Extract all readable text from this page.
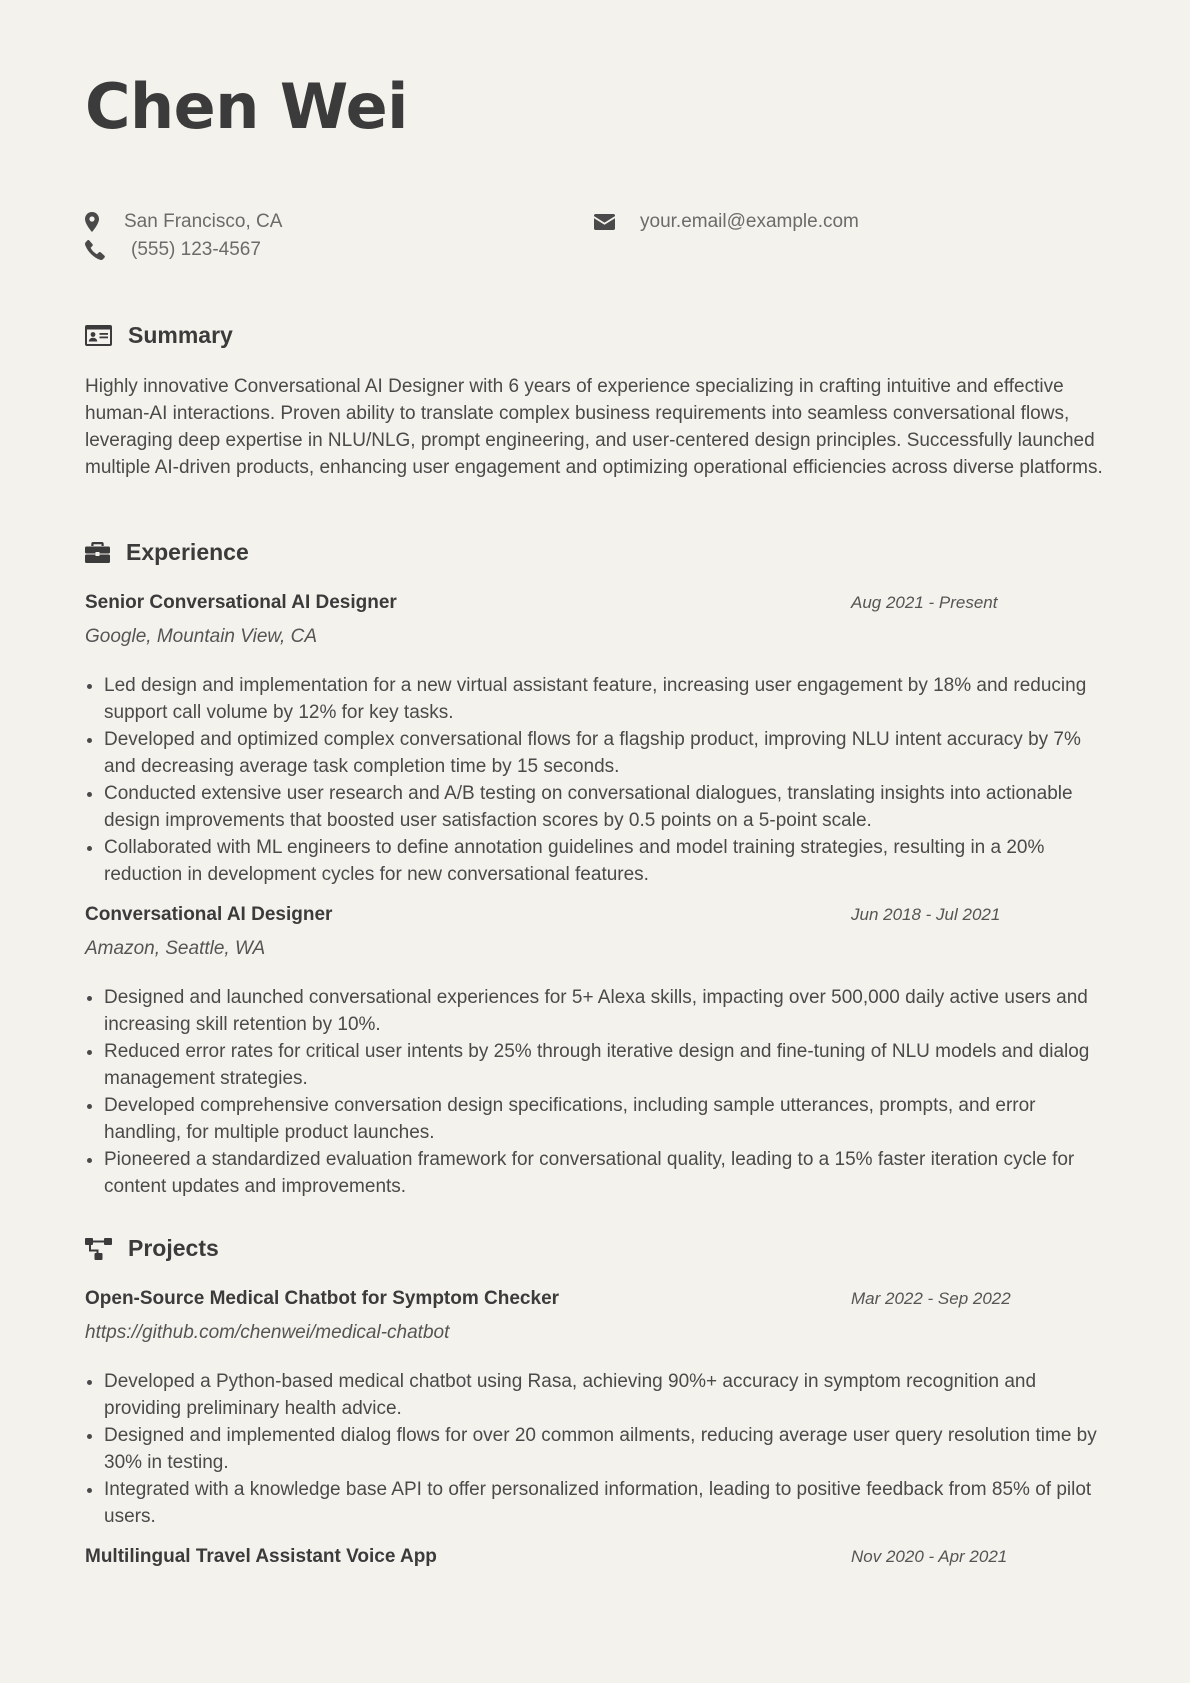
Chen Wei
San Francisco, CA
(555) 123-4567
your.email@example.com
Summary

Highly innovative Conversational AI Designer with 6 years of experience specializing in crafting intuitive and effective human-AI interactions. Proven ability to translate complex business requirements into seamless conversational flows, leveraging deep expertise in NLU/NLG, prompt engineering, and user-centered design principles. Successfully launched multiple AI-driven products, enhancing user engagement and optimizing operational efficiencies across diverse platforms.

Experience
Senior Conversational AI Designer	Aug 2021 - Present
Google, Mountain View, CA
Led design and implementation for a new virtual assistant feature, increasing user engagement by 18% and reducing support call volume by 12% for key tasks.
Developed and optimized complex conversational flows for a flagship product, improving NLU intent accuracy by 7% and decreasing average task completion time by 15 seconds.
Conducted extensive user research and A/B testing on conversational dialogues, translating insights into actionable design improvements that boosted user satisfaction scores by 0.5 points on a 5-point scale.
Collaborated with ML engineers to define annotation guidelines and model training strategies, resulting in a 20% reduction in development cycles for new conversational features.
Conversational AI Designer	Jun 2018 - Jul 2021
Amazon, Seattle, WA
Designed and launched conversational experiences for 5+ Alexa skills, impacting over 500,000 daily active users and increasing skill retention by 10%.
Reduced error rates for critical user intents by 25% through iterative design and fine-tuning of NLU models and dialog management strategies.
Developed comprehensive conversation design specifications, including sample utterances, prompts, and error handling, for multiple product launches.
Pioneered a standardized evaluation framework for conversational quality, leading to a 15% faster iteration cycle for content updates and improvements.
Projects
Open-Source Medical Chatbot for Symptom Checker	Mar 2022 - Sep 2022
https://github.com/chenwei/medical-chatbot
Developed a Python-based medical chatbot using Rasa, achieving 90%+ accuracy in symptom recognition and providing preliminary health advice.
Designed and implemented dialog flows for over 20 common ailments, reducing average user query resolution time by 30% in testing.
Integrated with a knowledge base API to offer personalized information, leading to positive feedback from 85% of pilot users.
Multilingual Travel Assistant Voice App	Nov 2020 - Apr 2021
